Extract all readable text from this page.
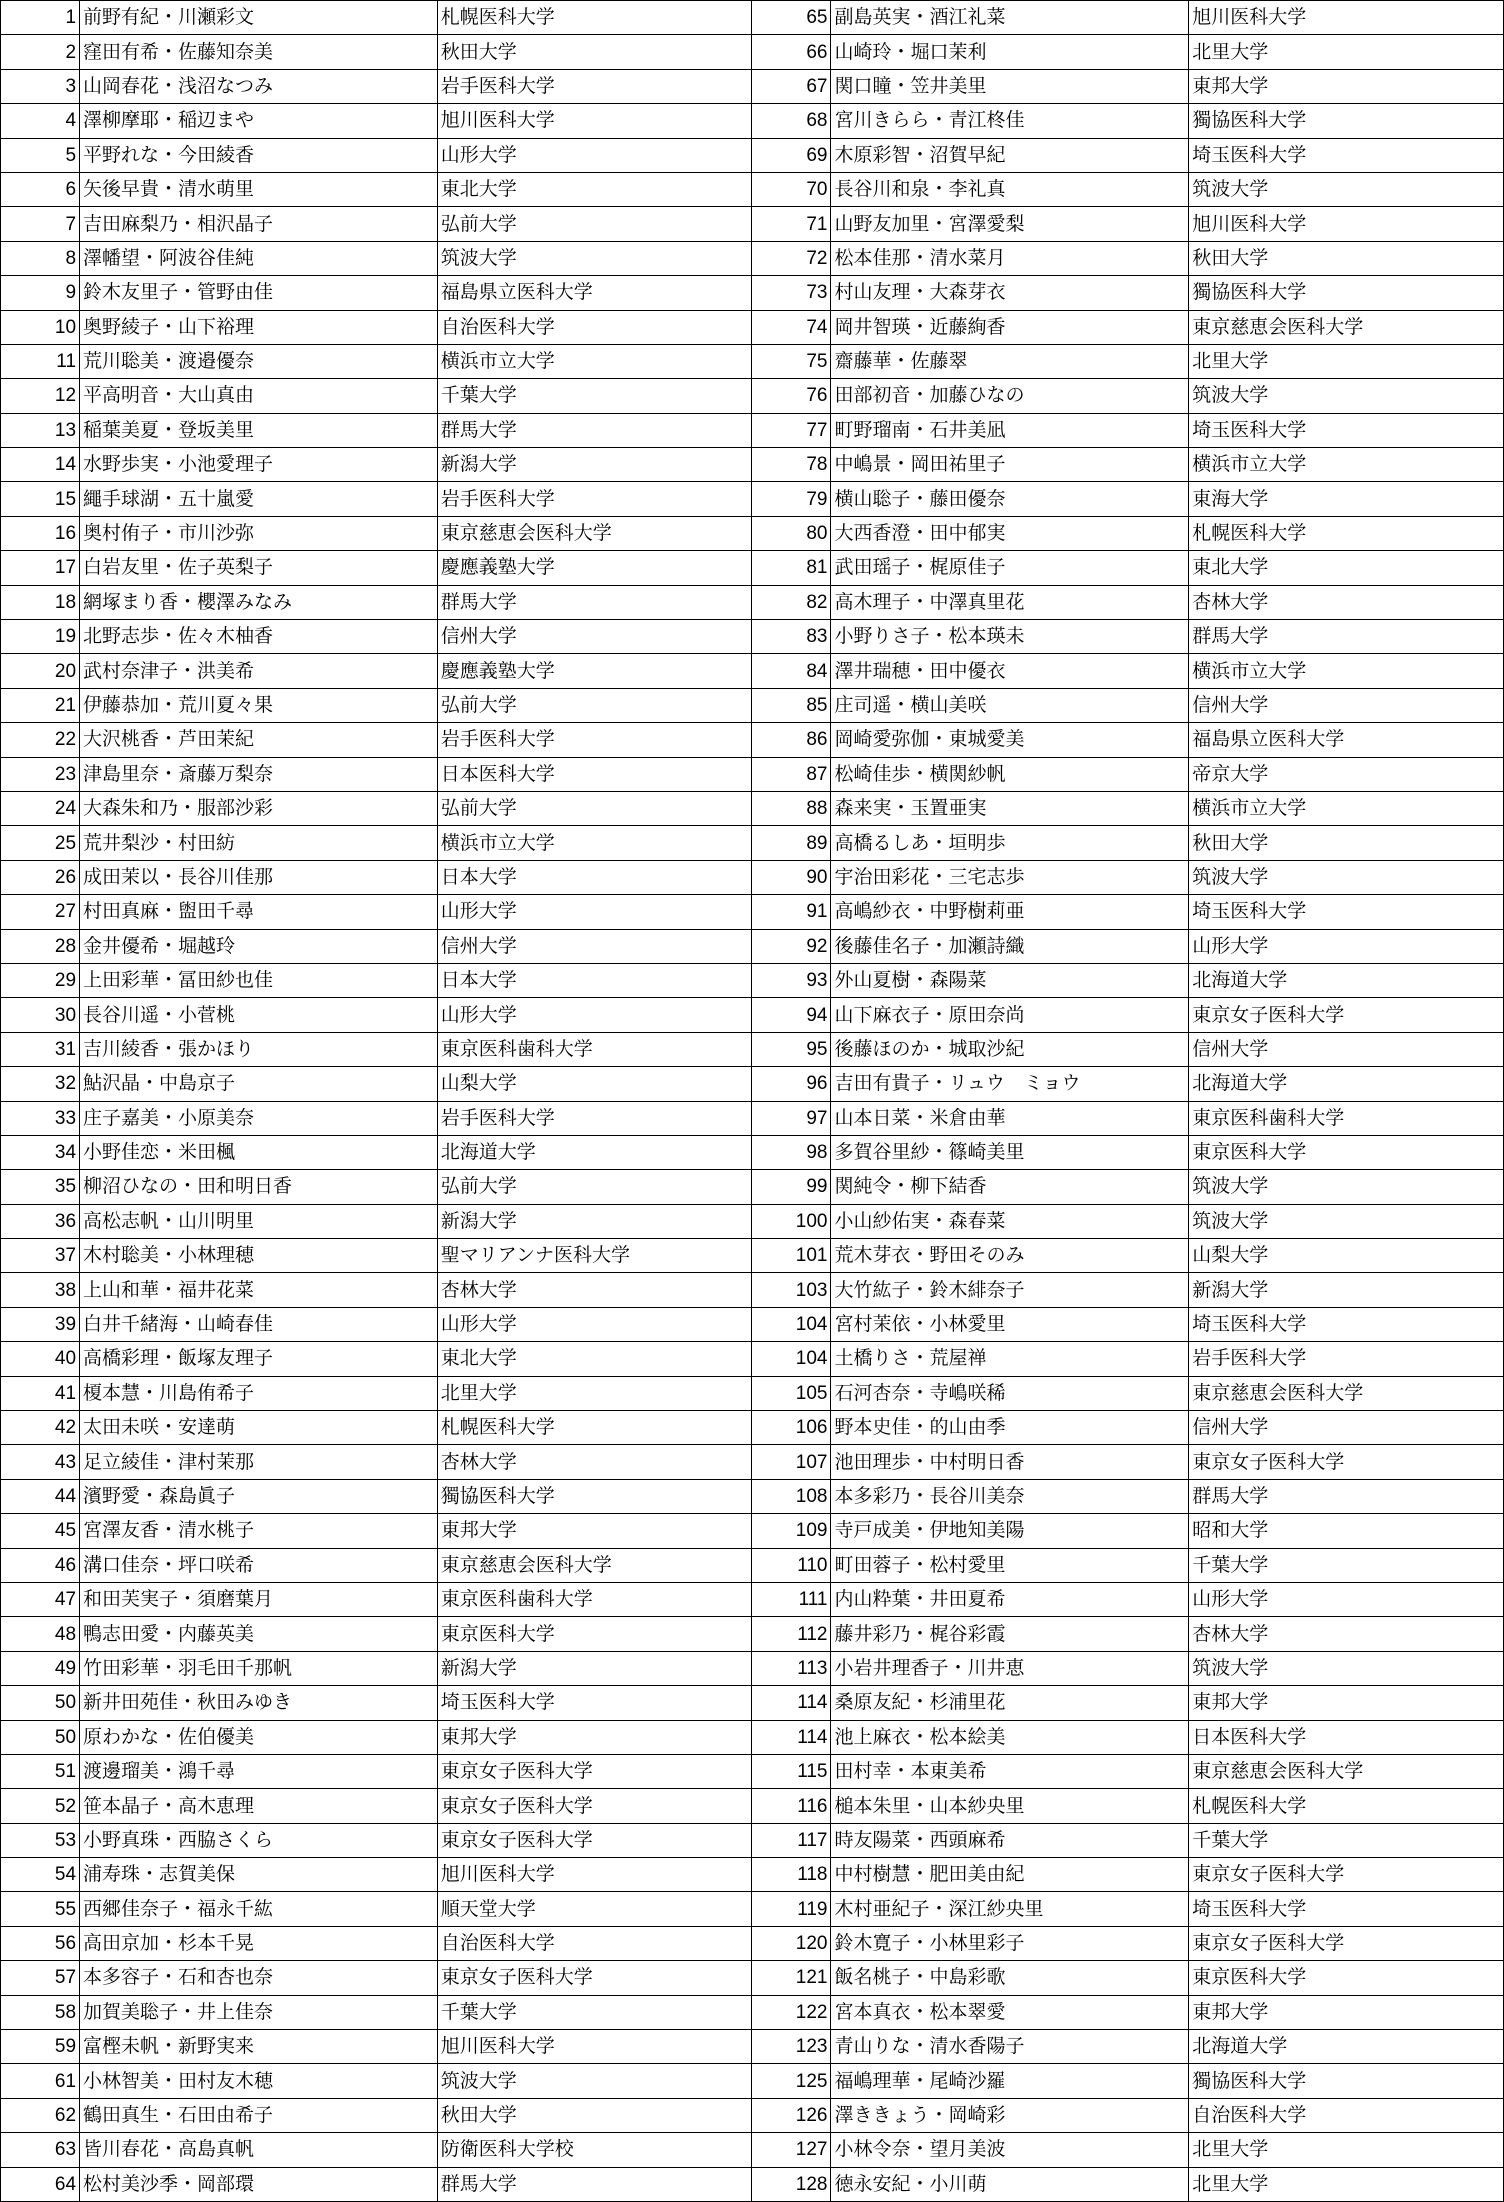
1	前野有紀・川瀬彩文	札幌医科大学	65	副島英実・酒江礼菜	旭川医科大学
2	窪田有希・佐藤知奈美	秋田大学	66	山崎玲・堀口茉利	北里大学
3	山岡春花・浅沼なつみ	岩手医科大学	67	関口瞳・笠井美里	東邦大学
4	澤柳摩耶・稲辺まや	旭川医科大学	68	宮川きらら・青江柊佳	獨協医科大学
5	平野れな・今田綾香	山形大学	69	木原彩智・沼賀早紀	埼玉医科大学
6	矢後早貴・清水萌里	東北大学	70	長谷川和泉・李礼真	筑波大学
7	吉田麻梨乃・相沢晶子	弘前大学	71	山野友加里・宮澤愛梨	旭川医科大学
8	澤幡望・阿波谷佳純	筑波大学	72	松本佳那・清水菜月	秋田大学
9	鈴木友里子・管野由佳	福島県立医科大学	73	村山友理・大森芽衣	獨協医科大学
10	奥野綾子・山下裕理	自治医科大学	74	岡井智瑛・近藤絢香	東京慈恵会医科大学
11	荒川聡美・渡邉優奈	横浜市立大学	75	齋藤華・佐藤翠	北里大学
12	平高明音・大山真由	千葉大学	76	田部初音・加藤ひなの	筑波大学
13	稲葉美夏・登坂美里	群馬大学	77	町野瑠南・石井美凪	埼玉医科大学
14	水野歩実・小池愛理子	新潟大学	78	中嶋景・岡田祐里子	横浜市立大学
15	繩手球湖・五十嵐愛	岩手医科大学	79	横山聡子・藤田優奈	東海大学
16	奥村侑子・市川沙弥	東京慈恵会医科大学	80	大西香澄・田中郁実	札幌医科大学
17	白岩友里・佐子英梨子	慶應義塾大学	81	武田瑶子・梶原佳子	東北大学
18	網塚まり香・櫻澤みなみ	群馬大学	82	高木理子・中澤真里花	杏林大学
19	北野志歩・佐々木柚香	信州大学	83	小野りさ子・松本瑛未	群馬大学
20	武村奈津子・洪美希	慶應義塾大学	84	澤井瑞穂・田中優衣	横浜市立大学
21	伊藤恭加・荒川夏々果	弘前大学	85	庄司遥・横山美咲	信州大学
22	大沢桃香・芦田茉紀	岩手医科大学	86	岡崎愛弥伽・東城愛美	福島県立医科大学
23	津島里奈・斎藤万梨奈	日本医科大学	87	松崎佳歩・横関紗帆	帝京大学
24	大森朱和乃・服部沙彩	弘前大学	88	森来実・玉置亜実	横浜市立大学
25	荒井梨沙・村田紡	横浜市立大学	89	高橋るしあ・垣明歩	秋田大学
26	成田茉以・長谷川佳那	日本大学	90	宇治田彩花・三宅志歩	筑波大学
27	村田真麻・盥田千尋	山形大学	91	高嶋紗衣・中野樹莉亜	埼玉医科大学
28	金井優希・堀越玲	信州大学	92	後藤佳名子・加瀬詩織	山形大学
29	上田彩華・冨田紗也佳	日本大学	93	外山夏樹・森陽菜	北海道大学
30	長谷川遥・小菅桃	山形大学	94	山下麻衣子・原田奈尚	東京女子医科大学
31	吉川綾香・張かほり	東京医科歯科大学	95	後藤ほのか・城取沙紀	信州大学
32	鮎沢晶・中島京子	山梨大学	96	吉田有貴子・リュウ　ミョウ	北海道大学
33	庄子嘉美・小原美奈	岩手医科大学	97	山本日菜・米倉由華	東京医科歯科大学
34	小野佳恋・米田楓	北海道大学	98	多賀谷里紗・篠崎美里	東京医科大学
35	柳沼ひなの・田和明日香	弘前大学	99	関純令・柳下結香	筑波大学
36	高松志帆・山川明里	新潟大学	100	小山紗佑実・森春菜	筑波大学
37	木村聡美・小林理穂	聖マリアンナ医科大学	101	荒木芽衣・野田そのみ	山梨大学
38	上山和華・福井花菜	杏林大学	103	大竹紘子・鈴木緋奈子	新潟大学
39	白井千緒海・山崎春佳	山形大学	104	宮村茉依・小林愛里	埼玉医科大学
40	高橋彩理・飯塚友理子	東北大学	104	土橋りさ・荒屋禅	岩手医科大学
41	榎本慧・川島侑希子	北里大学	105	石河杏奈・寺嶋咲稀	東京慈恵会医科大学
42	太田未咲・安達萌	札幌医科大学	106	野本史佳・的山由季	信州大学
43	足立綾佳・津村茉那	杏林大学	107	池田理歩・中村明日香	東京女子医科大学
44	濱野愛・森島眞子	獨協医科大学	108	本多彩乃・長谷川美奈	群馬大学
45	宮澤友香・清水桃子	東邦大学	109	寺戸成美・伊地知美陽	昭和大学
46	溝口佳奈・坪口咲希	東京慈恵会医科大学	110	町田蓉子・松村愛里	千葉大学
47	和田芙実子・須磨葉月	東京医科歯科大学	111	内山粋葉・井田夏希	山形大学
48	鴨志田愛・内藤英美	東京医科大学	112	藤井彩乃・梶谷彩霞	杏林大学
49	竹田彩華・羽毛田千那帆	新潟大学	113	小岩井理香子・川井恵	筑波大学
50	新井田苑佳・秋田みゆき	埼玉医科大学	114	桑原友紀・杉浦里花	東邦大学
50	原わかな・佐伯優美	東邦大学	114	池上麻衣・松本絵美	日本医科大学
51	渡邊瑠美・鴻千尋	東京女子医科大学	115	田村幸・本東美希	東京慈恵会医科大学
52	笹本晶子・高木恵理	東京女子医科大学	116	槌本朱里・山本紗央里	札幌医科大学
53	小野真珠・西脇さくら	東京女子医科大学	117	時友陽菜・西頭麻希	千葉大学
54	浦寿珠・志賀美保	旭川医科大学	118	中村樹慧・肥田美由紀	東京女子医科大学
55	西郷佳奈子・福永千紘	順天堂大学	119	木村亜紀子・深江紗央里	埼玉医科大学
56	高田京加・杉本千晃	自治医科大学	120	鈴木寛子・小林里彩子	東京女子医科大学
57	本多容子・石和杏也奈	東京女子医科大学	121	飯名桃子・中島彩歌	東京医科大学
58	加賀美聡子・井上佳奈	千葉大学	122	宮本真衣・松本翠愛	東邦大学
59	富樫未帆・新野実来	旭川医科大学	123	青山りな・清水香陽子	北海道大学
61	小林智美・田村友木穂	筑波大学	125	福嶋理華・尾崎沙羅	獨協医科大学
62	鶴田真生・石田由希子	秋田大学	126	澤ききょう・岡崎彩	自治医科大学
63	皆川春花・高島真帆	防衛医科大学校	127	小林令奈・望月美波	北里大学
64	松村美沙季・岡部環	群馬大学	128	徳永安紀・小川萌	北里大学
